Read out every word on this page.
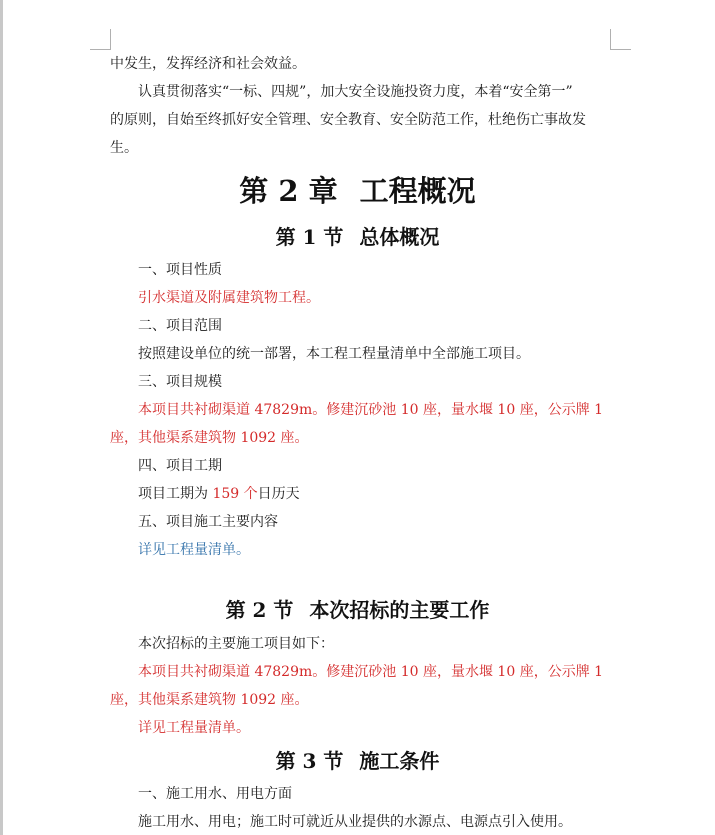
中发生，发挥经济和社会效益。

认真贯彻落实“一标、四规”，加大安全设施投资力度，本着“安全第一”

的原则，自始至终抓好安全管理、安全教育、安全防范工作，杜绝伤亡事故发

生。

第 2 章 工程概况
第 1 节 总体概况

一、项目性质

引水渠道及附属建筑物工程。

二、项目范围

按照建设单位的统一部署，本工程工程量清单中全部施工项目。

三、项目规模

本项目共衬砌渠道 47829m。修建沉砂池 10 座，量水堰 10 座，公示牌 1

座，其他渠系建筑物 1092 座。

四、项目工期

项目工期为 159 个日历天

五、项目施工主要内容

详见工程量清单。

第 2 节 本次招标的主要工作

本次招标的主要施工项目如下：

本项目共衬砌渠道 47829m。修建沉砂池 10 座，量水堰 10 座，公示牌 1

座，其他渠系建筑物 1092 座。

详见工程量清单。

第 3 节 施工条件

一、施工用水、用电方面

施工用水、用电；施工时可就近从业提供的水源点、电源点引入使用。
